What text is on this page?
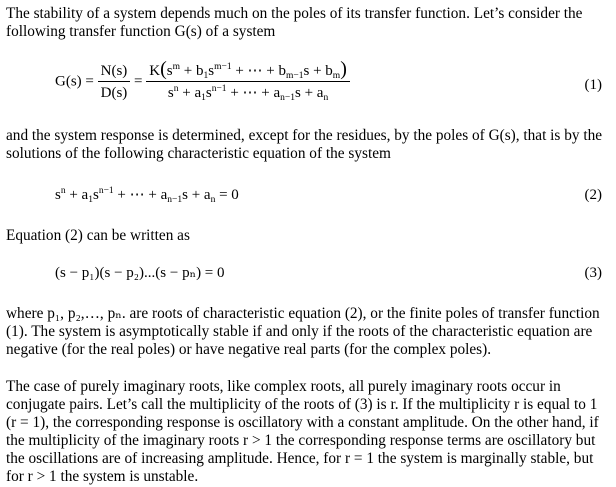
The stability of a system depends much on the poles of its transfer function. Let’s consider the following transfer function G(s) of a system

$G(s) = \frac{N(s)}{D(s)} = \frac{K(s^m + b_1s^{m-1} + \cdots + b_{m-1}s + b_m)}{s^n + a_1s^{n-1} + \cdots + a_{n-1}s + a_n}$	(1)

and the system response is determined, except for the residues, by the poles of G(s), that is by the solutions of the following characteristic equation of the system

$s^n + a_1s^{n-1}$ + ⋯ + $a_{n-1}s + a_n = 0$	(2)

Equation (2) can be written as

(s − p₁)(s − p₂)...(s − pₙ) = 0	(3)

where p₁, p₂,…, pₙ. are roots of characteristic equation (2), or the finite poles of transfer function (1). The system is asymptotically stable if and only if the roots of the characteristic equation are negative (for the real poles) or have negative real parts (for the complex poles).

The case of purely imaginary roots, like complex roots, all purely imaginary roots occur in conjugate pairs. Let’s call the multiplicity of the roots of (3) is r. If the multiplicity r is equal to 1 (r = 1), the corresponding response is oscillatory with a constant amplitude. On the other hand, if the multiplicity of the imaginary roots r > 1 the corresponding response terms are oscillatory but the oscillations are of increasing amplitude. Hence, for r = 1 the system is marginally stable, but for r > 1 the system is unstable.
